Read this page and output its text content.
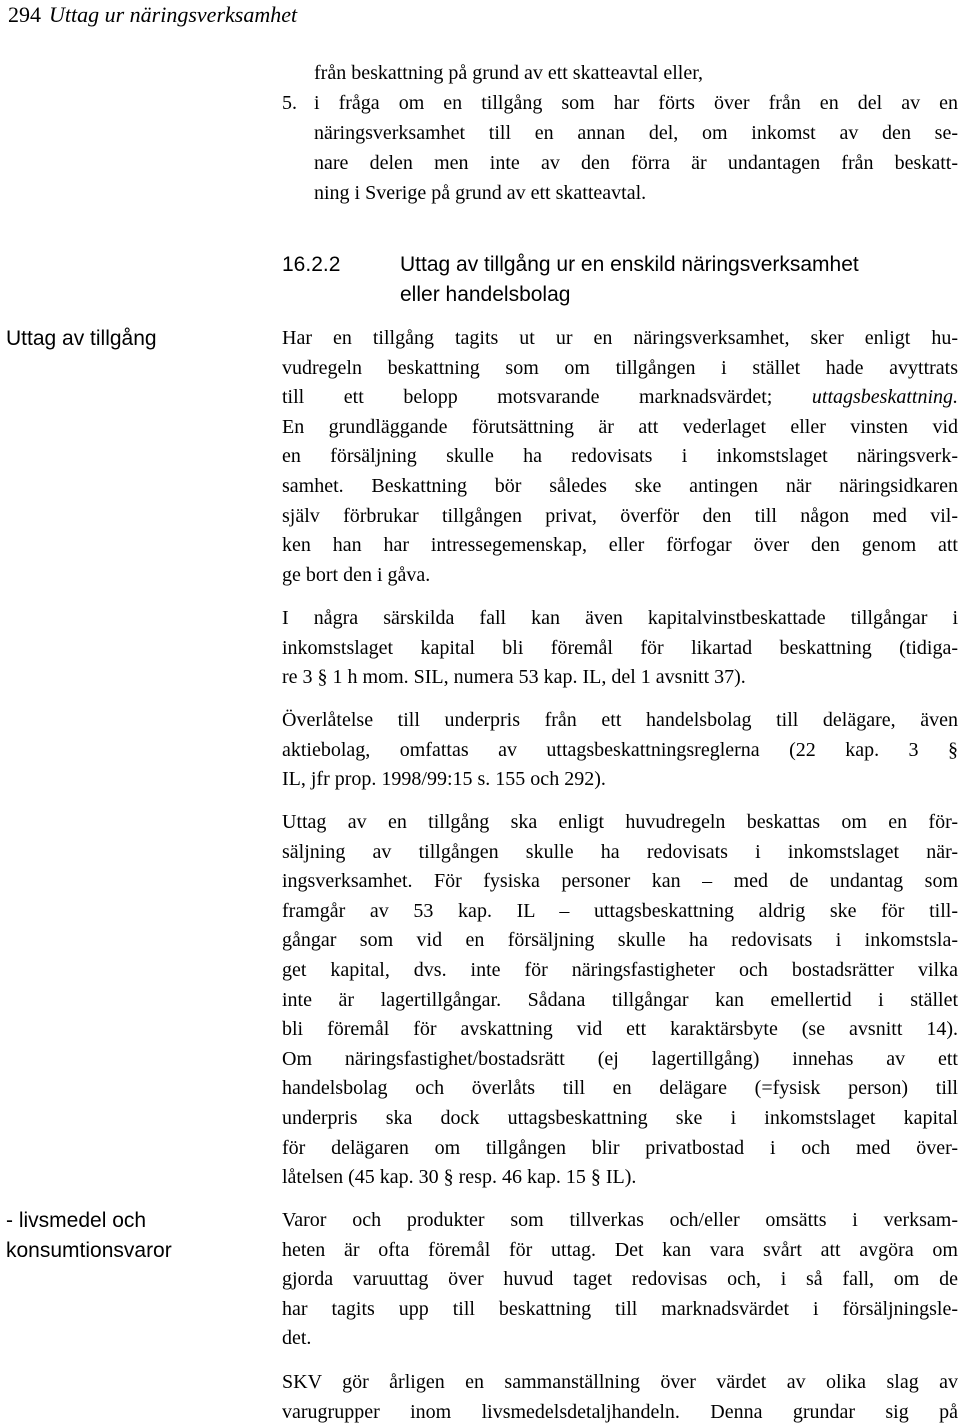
294 Uttag ur näringsverksamhet
från beskattning på grund av ett skatteavtal eller,
5. i fråga om en tillgång som har förts över från en del av en
näringsverksamhet till en annan del, om inkomst av den se-
nare delen men inte av den förra är undantagen från beskatt-
ning i Sverige på grund av ett skatteavtal.
16.2.2	Uttag av tillgång ur en enskild näringsverksamhet
eller handelsbolag
Uttag av tillgång
- livsmedel och
konsumtionsvaror
Har en tillgång tagits ut ur en näringsverksamhet, sker enligt hu-
vudregeln beskattning som om tillgången i stället hade avyttrats
till ett belopp motsvarande marknadsvärdet; uttagsbeskattning.
En grundläggande förutsättning är att vederlaget eller vinsten vid
en försäljning skulle ha redovisats i inkomstslaget näringsverk-
samhet. Beskattning bör således ske antingen när näringsidkaren
själv förbrukar tillgången privat, överför den till någon med vil-
ken han har intressegemenskap, eller förfogar över den genom att
ge bort den i gåva.
I några särskilda fall kan även kapitalvinstbeskattade tillgångar i
inkomstslaget kapital bli föremål för likartad beskattning (tidiga-
re 3 § 1 h mom. SIL, numera 53 kap. IL, del 1 avsnitt 37).
Överlåtelse till underpris från ett handelsbolag till delägare, även
aktiebolag, omfattas av uttagsbeskattningsreglerna (22 kap. 3 §
IL, jfr prop. 1998/99:15 s. 155 och 292).
Uttag av en tillgång ska enligt huvudregeln beskattas om en för-
säljning av tillgången skulle ha redovisats i inkomstslaget när-
ingsverksamhet. För fysiska personer kan – med de undantag som
framgår av 53 kap. IL – uttagsbeskattning aldrig ske för till-
gångar som vid en försäljning skulle ha redovisats i inkomstsla-
get kapital, dvs. inte för näringsfastigheter och bostadsrätter vilka
inte är lagertillgångar. Sådana tillgångar kan emellertid i stället
bli föremål för avskattning vid ett karaktärsbyte (se avsnitt 14).
Om näringsfastighet/bostadsrätt (ej lagertillgång) innehas av ett
handelsbolag och överlåts till en delägare (=fysisk person) till
underpris ska dock uttagsbeskattning ske i inkomstslaget kapital
för delägaren om tillgången blir privatbostad i och med över-
låtelsen (45 kap. 30 § resp. 46 kap. 15 § IL).
Varor och produkter som tillverkas och/eller omsätts i verksam-
heten är ofta föremål för uttag. Det kan vara svårt att avgöra om
gjorda varuuttag över huvud taget redovisas och, i så fall, om de
har tagits upp till beskattning till marknadsvärdet i försäljningsle-
det.
SKV gör årligen en sammanställning över värdet av olika slag av
varugrupper inom livsmedelsdetaljhandeln. Denna grundar sig på
